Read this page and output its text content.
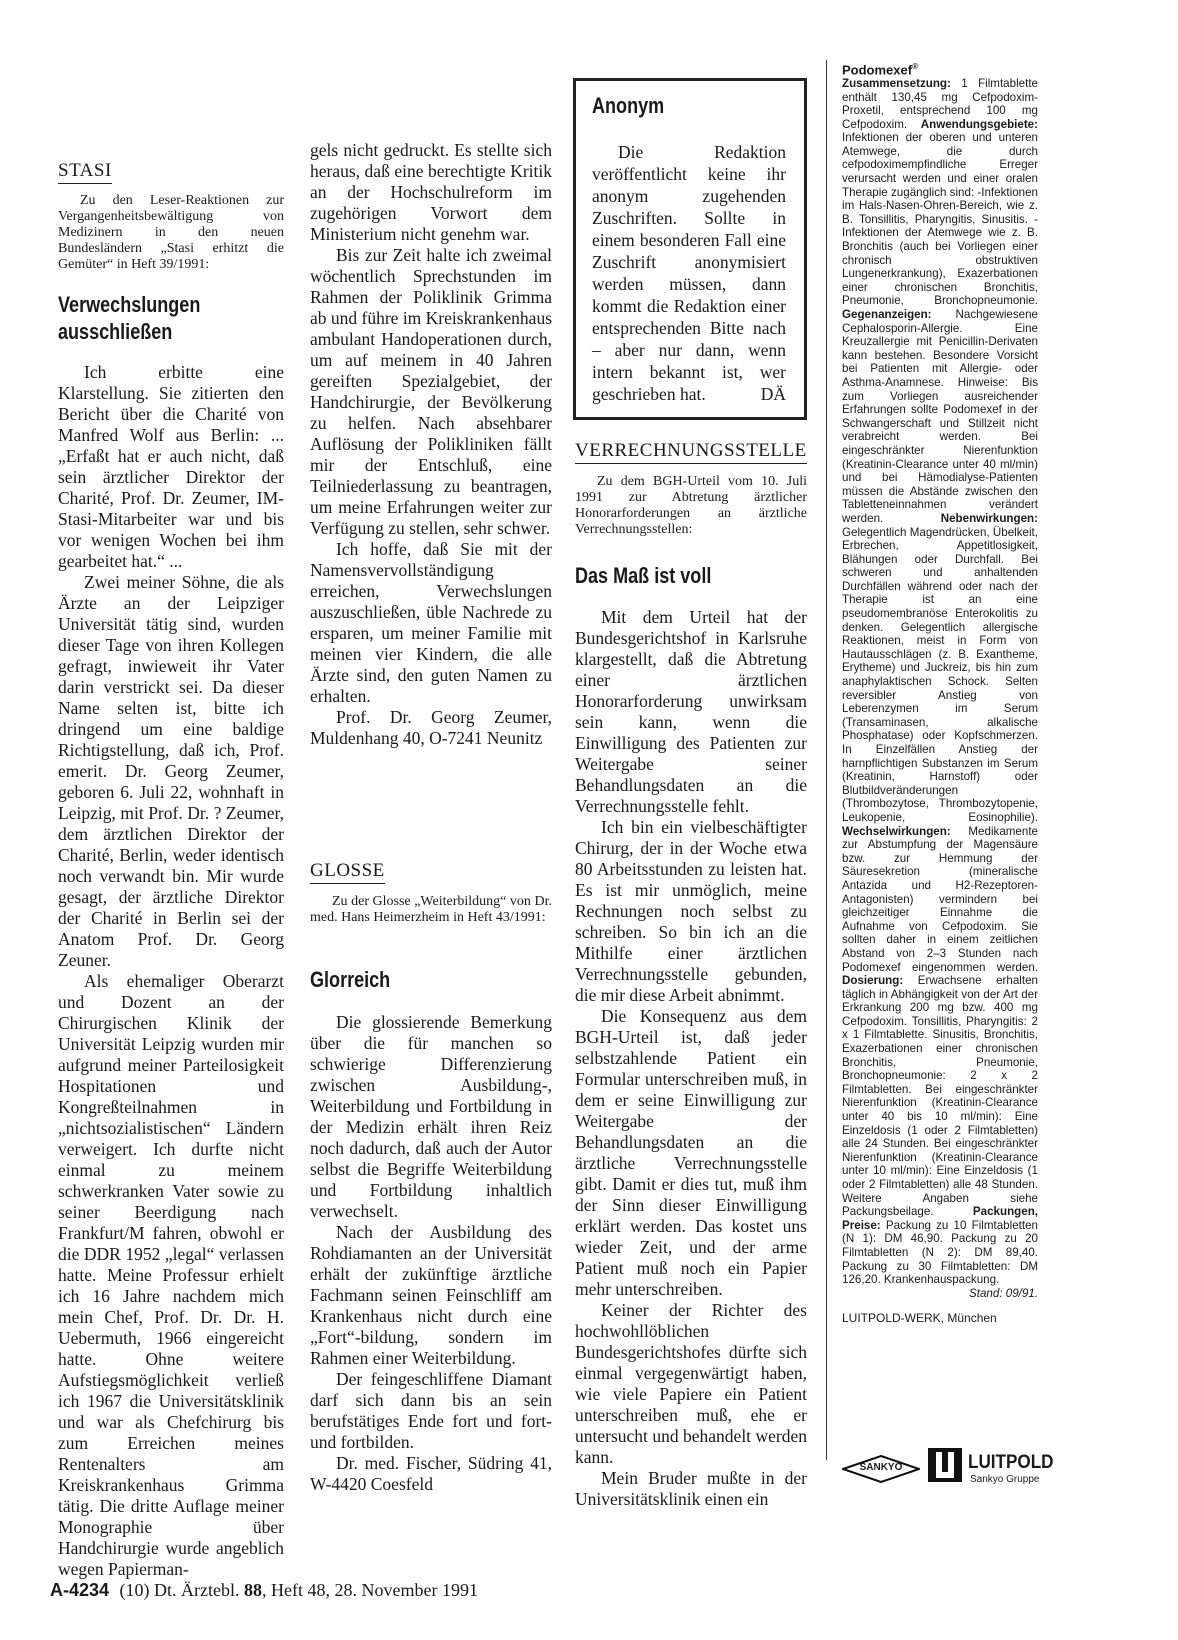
STASI
Zu den Leser-Reaktionen zur Vergangenheitsbewältigung von Medizinern in den neuen Bundesländern „Stasi erhitzt die Gemüter“ in Heft 39/1991:
Verwechslungen
ausschließen

Ich erbitte eine Klarstellung. Sie zitierten den Bericht über die Charité von Manfred Wolf aus Berlin: ... „Erfaßt hat er auch nicht, daß sein ärztlicher Direktor der Charité, Prof. Dr. Zeumer, IM-Stasi-Mitarbeiter war und bis vor wenigen Wochen bei ihm gearbeitet hat.“ ...

Zwei meiner Söhne, die als Ärzte an der Leipziger Universität tätig sind, wurden dieser Tage von ihren Kollegen gefragt, inwieweit ihr Vater darin verstrickt sei. Da dieser Name selten ist, bitte ich dringend um eine baldige Richtigstellung, daß ich, Prof. emerit. Dr. Georg Zeumer, geboren 6. Juli 22, wohnhaft in Leipzig, mit Prof. Dr. ? Zeumer, dem ärztlichen Direktor der Charité, Berlin, weder identisch noch verwandt bin. Mir wurde gesagt, der ärztliche Direktor der Charité in Berlin sei der Anatom Prof. Dr. Georg Zeuner.

Als ehemaliger Oberarzt und Dozent an der Chirurgischen Klinik der Universität Leipzig wurden mir aufgrund meiner Parteilosigkeit Hospitationen und Kongreßteilnahmen in „nichtsozialistischen“ Ländern verweigert. Ich durfte nicht einmal zu meinem schwerkranken Vater sowie zu seiner Beerdigung nach Frankfurt/M fahren, obwohl er die DDR 1952 „legal“ verlassen hatte. Meine Professur erhielt ich 16 Jahre nachdem mich mein Chef, Prof. Dr. Dr. H. Uebermuth, 1966 eingereicht hatte. Ohne weitere Aufstiegsmöglichkeit verließ ich 1967 die Universitätsklinik und war als Chefchirurg bis zum Erreichen meines Rentenalters am Kreiskrankenhaus Grimma tätig. Die dritte Auflage meiner Monographie über Handchirurgie wurde angeblich wegen Papierman-

gels nicht gedruckt. Es stellte sich heraus, daß eine berechtigte Kritik an der Hochschulreform im zugehörigen Vorwort dem Ministerium nicht genehm war.

Bis zur Zeit halte ich zweimal wöchentlich Sprechstunden im Rahmen der Poliklinik Grimma ab und führe im Kreiskrankenhaus ambulant Handoperationen durch, um auf meinem in 40 Jahren gereiften Spezialgebiet, der Handchirurgie, der Bevölkerung zu helfen. Nach absehbarer Auflösung der Polikliniken fällt mir der Entschluß, eine Teilniederlassung zu beantragen, um meine Erfahrungen weiter zur Verfügung zu stellen, sehr schwer.

Ich hoffe, daß Sie mit der Namensvervollständigung erreichen, Verwechslungen auszuschließen, üble Nachrede zu ersparen, um meiner Familie mit meinen vier Kindern, die alle Ärzte sind, den guten Namen zu erhalten.

Prof. Dr. Georg Zeumer, Muldenhang 40, O-7241 Neunitz

GLOSSE
Zu der Glosse „Weiterbildung“ von Dr. med. Hans Heimerzheim in Heft 43/1991:
Glorreich

Die glossierende Bemerkung über die für manchen so schwierige Differenzierung zwischen Ausbildung-, Weiterbildung und Fortbildung in der Medizin erhält ihren Reiz noch dadurch, daß auch der Autor selbst die Begriffe Weiterbildung und Fortbildung inhaltlich verwechselt.

Nach der Ausbildung des Rohdiamanten an der Universität erhält der zukünftige ärztliche Fachmann seinen Feinschliff am Krankenhaus nicht durch eine „Fort“-bildung, sondern im Rahmen einer Weiterbildung.

Der feingeschliffene Diamant darf sich dann bis an sein berufstätiges Ende fort und fort- und fortbilden.

Dr. med. Fischer, Südring 41, W-4420 Coesfeld

Anonym

Die Redaktion veröffentlicht keine ihr anonym zugehenden Zuschriften. Sollte in einem besonderen Fall eine Zuschrift anonymisiert werden müssen, dann kommt die Redaktion einer entsprechenden Bitte nach – aber nur dann, wenn intern bekannt ist, wer geschrieben hat.	DÄ

VERRECHNUNGSSTELLE
Zu dem BGH-Urteil vom 10. Juli 1991 zur Abtretung ärztlicher Honorarforderungen an ärztliche Verrechnungsstellen:
Das Maß ist voll

Mit dem Urteil hat der Bundesgerichtshof in Karlsruhe klargestellt, daß die Abtretung einer ärztlichen Honorarforderung unwirksam sein kann, wenn die Einwilligung des Patienten zur Weitergabe seiner Behandlungsdaten an die Verrechnungsstelle fehlt.

Ich bin ein vielbeschäftigter Chirurg, der in der Woche etwa 80 Arbeitsstunden zu leisten hat. Es ist mir unmöglich, meine Rechnungen noch selbst zu schreiben. So bin ich an die Mithilfe einer ärztlichen Verrechnungsstelle gebunden, die mir diese Arbeit abnimmt.

Die Konsequenz aus dem BGH-Urteil ist, daß jeder selbstzahlende Patient ein Formular unterschreiben muß, in dem er seine Einwilligung zur Weitergabe der Behandlungsdaten an die ärztliche Verrechnungsstelle gibt. Damit er dies tut, muß ihm der Sinn dieser Einwilligung erklärt werden. Das kostet uns wieder Zeit, und der arme Patient muß noch ein Papier mehr unterschreiben.

Keiner der Richter des hochwohllöblichen Bundesgerichtshofes dürfte sich einmal vergegenwärtigt haben, wie viele Papiere ein Patient unterschreiben muß, ehe er untersucht und behandelt werden kann.

Mein Bruder mußte in der Universitätsklinik einen ein

Podomexef®
Zusammensetzung: 1 Filmtablette enthält 130,45 mg Cefpodoxim-Proxetil, entsprechend 100 mg Cefpodoxim. Anwendungsgebiete: Infektionen der oberen und unteren Atemwege, die durch cefpodoximempfindliche Erreger verursacht werden und einer oralen Therapie zugänglich sind: -Infektionen im Hals-Nasen-Ohren-Bereich, wie z. B. Tonsillitis, Pharyngitis, Sinusitis. -Infektionen der Atemwege wie z. B. Bronchitis (auch bei Vorliegen einer chronisch obstruktiven Lungenerkrankung), Exazerbationen einer chronischen Bronchitis, Pneumonie, Bronchopneumonie. Gegenanzeigen: Nachgewiesene Cephalosporin-Allergie. Eine Kreuzallergie mit Penicillin-Derivaten kann bestehen. Besondere Vorsicht bei Patienten mit Allergie- oder Asthma-Anamnese. Hinweise: Bis zum Vorliegen ausreichender Erfahrungen sollte Podomexef in der Schwangerschaft und Stillzeit nicht verabreicht werden. Bei eingeschränkter Nierenfunktion (Kreatinin-Clearance unter 40 ml/min) und bei Hämodialyse-Patienten müssen die Abstände zwischen den Tabletteneinnahmen verändert werden.	Nebenwirkungen: Gelegentlich Magendrücken, Übelkeit, Erbrechen, Appetitlosigkeit, Blähungen oder Durchfall. Bei schweren und anhaltenden Durchfällen während oder nach der Therapie ist an eine pseudomembranöse Enterokolitis zu denken. Gelegentlich allergische Reaktionen, meist in Form von Hautausschlägen (z. B. Exantheme, Erytheme) und Juckreiz, bis hin zum anaphylaktischen Schock. Selten reversibler Anstieg von Leberenzymen im Serum (Transaminasen, alkalische Phosphatase) oder Kopfschmerzen. In Einzelfällen Anstieg der harnpflichtigen Substanzen im Serum (Kreatinin, Harnstoff) oder Blutbildveränderungen (Thrombozytose, Thrombozytopenie, Leukopenie, Eosinophilie). Wechselwirkungen: Medikamente zur Abstumpfung der Magensäure bzw. zur Hemmung der Säuresekretion (mineralische Antazida und H2-Rezeptoren-Antagonisten) vermindern bei gleichzeitiger Einnahme die Aufnahme von Cefpodoxim. Sie sollten daher in einem zeitlichen Abstand von 2–3 Stunden nach Podomexef eingenommen werden. Dosierung: Erwachsene erhalten täglich in Abhängigkeit von der Art der Erkrankung 200 mg bzw. 400 mg Cefpodoxim. Tonsillitis, Pharyngitis: 2 x 1 Filmtablette. Sinusitis, Bronchitis, Exazerbationen einer chronischen Bronchitis, Pneumonie, Bronchopneumonie: 2 x 2 Filmtabletten. Bei eingeschränkter Nierenfunktion (Kreatinin-Clearance unter 40 bis 10 ml/min): Eine Einzeldosis (1 oder 2 Filmtabletten) alle 24 Stunden. Bei eingeschränkter Nierenfunktion (Kreatinin-Clearance unter 10 ml/min): Eine Einzeldosis (1 oder 2 Filmtabletten) alle 48 Stunden. Weitere Angaben siehe Packungsbeilage.	Packungen, Preise: Packung zu 10 Filmtabletten (N 1): DM 46,90. Packung zu 20 Filmtabletten (N 2): DM 89,40. Packung zu 30 Filmtabletten: DM 126,20. Krankenhauspackung.
Stand: 09/91.
LUITPOLD-WERK, München
SANKYO	LUITPOLD
Sankyo Gruppe
A-4234 (10) Dt. Ärztebl. 88, Heft 48, 28. November 1991
